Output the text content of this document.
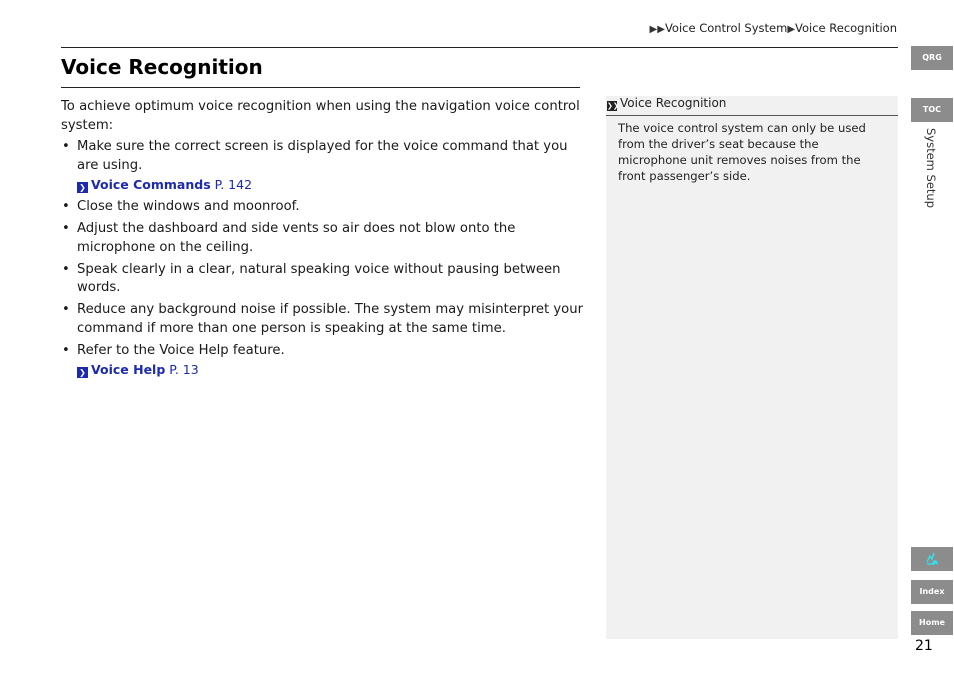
▶▶Voice Control System▶Voice Recognition
Voice Recognition

To achieve optimum voice recognition when using the navigation voice control system:

• Make sure the correct screen is displayed for the voice command that you are using.
❯ Voice Commands P. 142
• Close the windows and moonroof.
• Adjust the dashboard and side vents so air does not blow onto the microphone on the ceiling.
• Speak clearly in a clear, natural speaking voice without pausing between words.
• Reduce any background noise if possible. The system may misinterpret your command if more than one person is speaking at the same time.
• Refer to the Voice Help feature.
❯ Voice Help P. 13
❯❯Voice Recognition
The voice control system can only be used from the driver’s seat because the microphone unit removes noises from the front passenger’s side.
QRG
TOC
System Setup
Index
Home
21
